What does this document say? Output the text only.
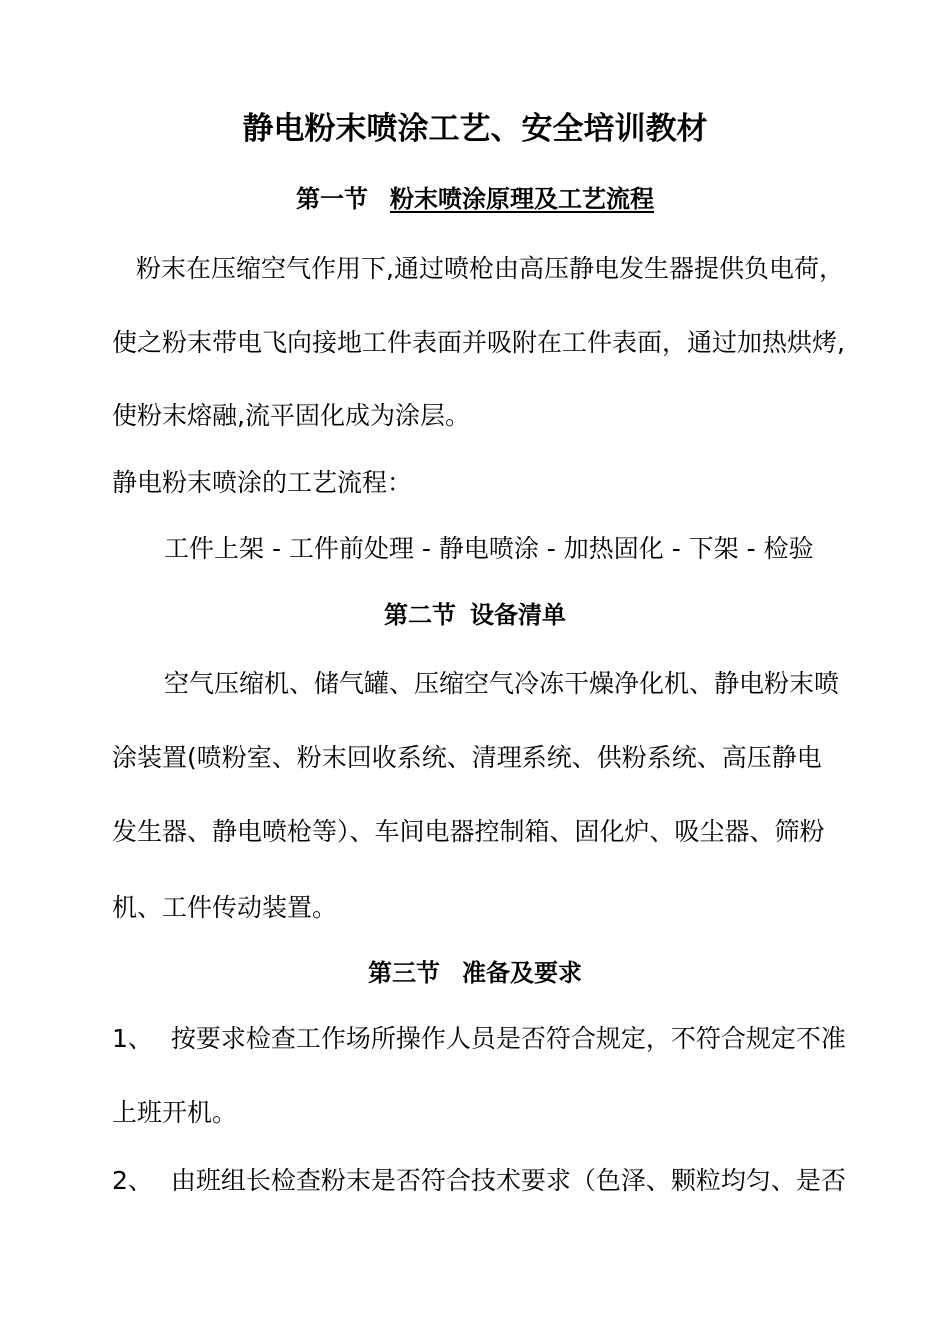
静电粉末喷涂工艺、安全培训教材
第一节 粉末喷涂原理及工艺流程
粉末在压缩空气作用下,通过喷枪由高压静电发生器提供负电荷，
使之粉末带电飞向接地工件表面并吸附在工件表面，通过加热烘烤,
使粉末熔融,流平固化成为涂层。
静电粉末喷涂的工艺流程：
工件上架 - 工件前处理 - 静电喷涂 - 加热固化 - 下架 - 检验
第二节 设备清单
空气压缩机、储气罐、压缩空气冷冻干燥净化机、静电粉末喷
涂装置(喷粉室、粉末回收系统、清理系统、供粉系统、高压静电
发生器、静电喷枪等）、车间电器控制箱、固化炉、吸尘器、筛粉
机、工件传动装置。
第三节 准备及要求
1、 按要求检查工作场所操作人员是否符合规定，不符合规定不准
上班开机。
2、 由班组长检查粉末是否符合技术要求（色泽、颗粒均匀、是否
